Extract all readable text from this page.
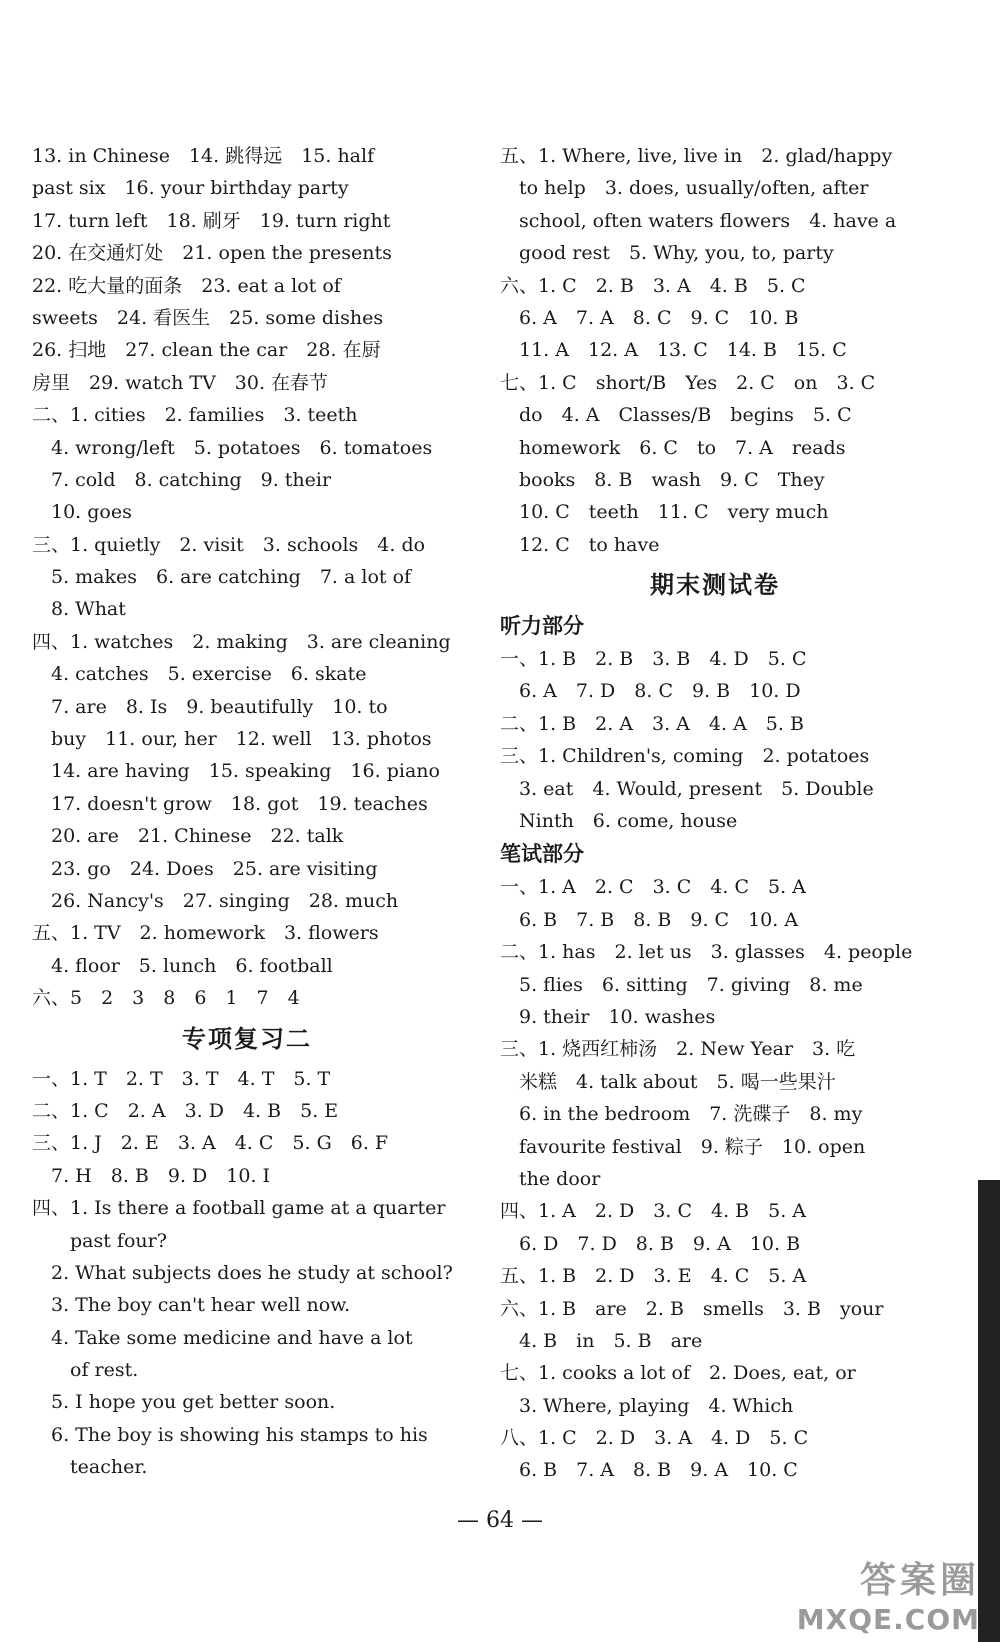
13. in Chinese　14. 跳得远　15. half
past six　16. your birthday party
17. turn left　18. 刷牙　19. turn right
20. 在交通灯处　21. open the presents
22. 吃大量的面条　23. eat a lot of
sweets　24. 看医生　25. some dishes
26. 扫地　27. clean the car　28. 在厨
房里　29. watch TV　30. 在春节
二、1. cities　2. families　3. teeth
　4. wrong/left　5. potatoes　6. tomatoes
　7. cold　8. catching　9. their
　10. goes
三、1. quietly　2. visit　3. schools　4. do
　5. makes　6. are catching　7. a lot of
　8. What
四、1. watches　2. making　3. are cleaning
　4. catches　5. exercise　6. skate
　7. are　8. Is　9. beautifully　10. to
　buy　11. our, her　12. well　13. photos
　14. are having　15. speaking　16. piano
　17. doesn't grow　18. got　19. teaches
　20. are　21. Chinese　22. talk
　23. go　24. Does　25. are visiting
　26. Nancy's　27. singing　28. much
五、1. TV　2. homework　3. flowers
　4. floor　5. lunch　6. football
六、5　2　3　8　6　1　7　4
专项复习二
一、1. T　2. T　3. T　4. T　5. T
二、1. C　2. A　3. D　4. B　5. E
三、1. J　2. E　3. A　4. C　5. G　6. F
　7. H　8. B　9. D　10. I
四、1. Is there a football game at a quarter
　　past four?
　2. What subjects does he study at school?
　3. The boy can't hear well now.
　4. Take some medicine and have a lot
　　of rest.
　5. I hope you get better soon.
　6. The boy is showing his stamps to his
　　teacher.
五、1. Where, live, live in　2. glad/happy
　to help　3. does, usually/often, after
　school, often waters flowers　4. have a
　good rest　5. Why, you, to, party
六、1. C　2. B　3. A　4. B　5. C
　6. A　7. A　8. C　9. C　10. B
　11. A　12. A　13. C　14. B　15. C
七、1. C　short/B　Yes　2. C　on　3. C
　do　4. A　Classes/B　begins　5. C
　homework　6. C　to　7. A　reads
　books　8. B　wash　9. C　They
　10. C　teeth　11. C　very much
　12. C　to have
期末测试卷
听力部分
一、1. B　2. B　3. B　4. D　5. C
　6. A　7. D　8. C　9. B　10. D
二、1. B　2. A　3. A　4. A　5. B
三、1. Children's, coming　2. potatoes
　3. eat　4. Would, present　5. Double
　Ninth　6. come, house
笔试部分
一、1. A　2. C　3. C　4. C　5. A
　6. B　7. B　8. B　9. C　10. A
二、1. has　2. let us　3. glasses　4. people
　5. flies　6. sitting　7. giving　8. me
　9. their　10. washes
三、1. 烧西红柿汤　2. New Year　3. 吃
　米糕　4. talk about　5. 喝一些果汁
　6. in the bedroom　7. 洗碟子　8. my
　favourite festival　9. 粽子　10. open
　the door
四、1. A　2. D　3. C　4. B　5. A
　6. D　7. D　8. B　9. A　10. B
五、1. B　2. D　3. E　4. C　5. A
六、1. B　are　2. B　smells　3. B　your
　4. B　in　5. B　are
七、1. cooks a lot of　2. Does, eat, or
　3. Where, playing　4. Which
八、1. C　2. D　3. A　4. D　5. C
　6. B　7. A　8. B　9. A　10. C
— 64 —
答案圈
MXQE.COM
